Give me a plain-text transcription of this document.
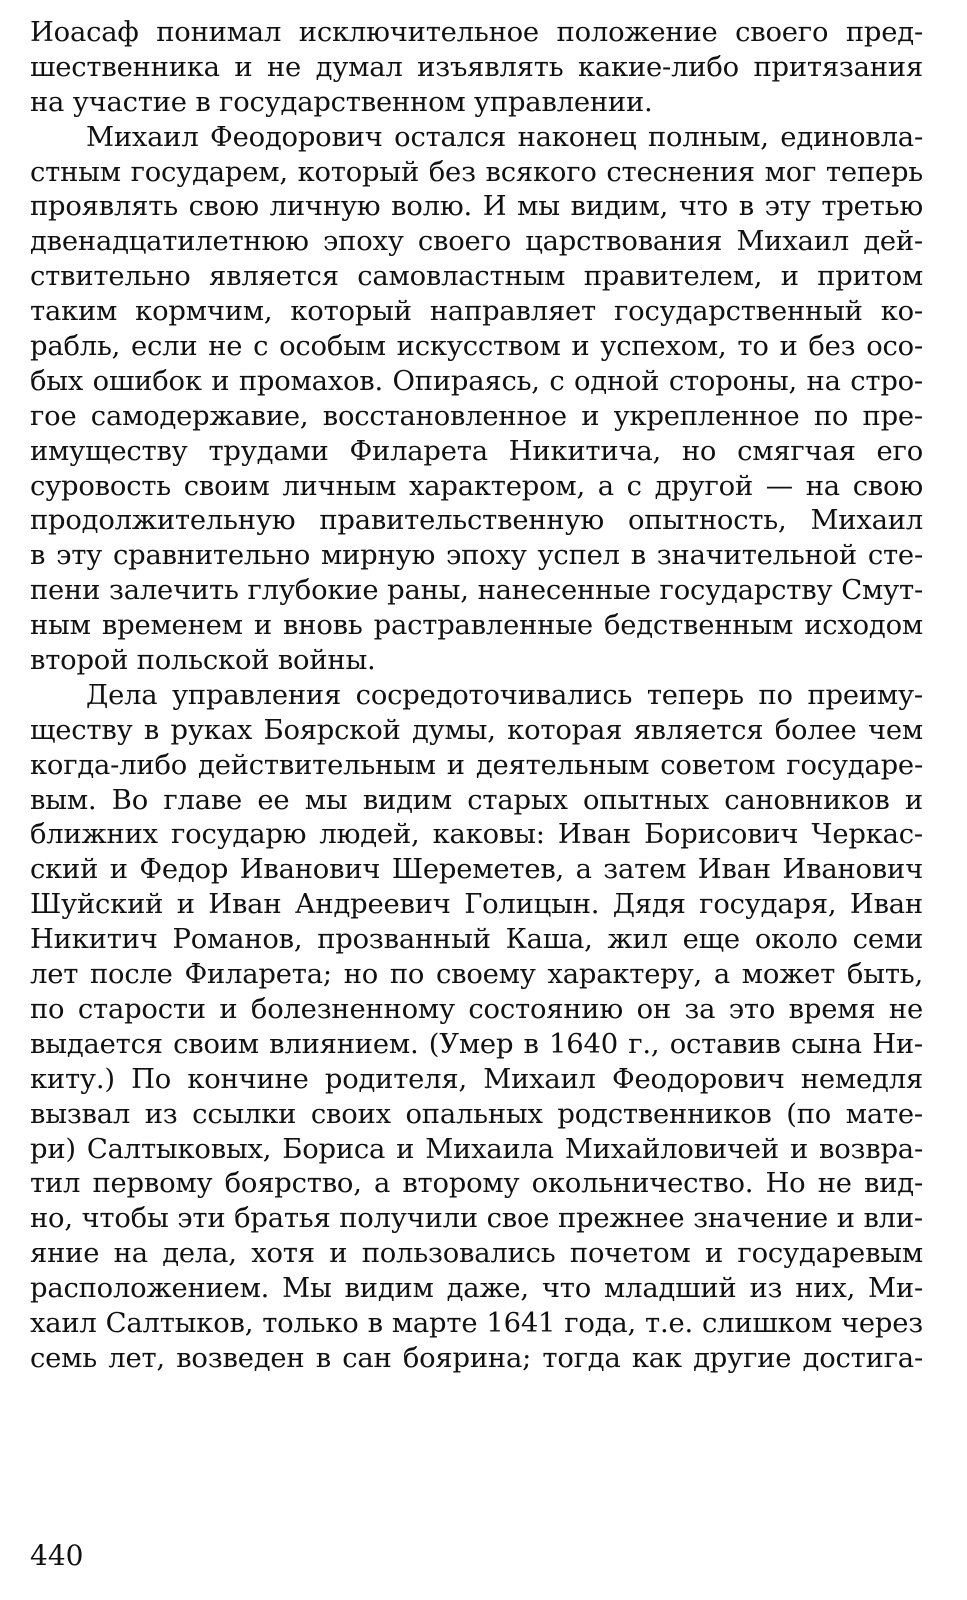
Иоасаф понимал исключительное положение своего пред-
шественника и не думал изъявлять какие-либо притязания
на участие в государственном управлении.
Михаил Феодорович остался наконец полным, единовла-
стным государем, который без всякого стеснения мог теперь
проявлять свою личную волю. И мы видим, что в эту третью
двенадцатилетнюю эпоху своего царствования Михаил дей-
ствительно является самовластным правителем, и притом
таким кормчим, который направляет государственный ко-
рабль, если не с особым искусством и успехом, то и без осо-
бых ошибок и промахов. Опираясь, с одной стороны, на стро-
гое самодержавие, восстановленное и укрепленное по пре-
имуществу трудами Филарета Никитича, но смягчая его
суровость своим личным характером, а с другой — на свою
продолжительную правительственную опытность, Михаил
в эту сравнительно мирную эпоху успел в значительной сте-
пени залечить глубокие раны, нанесенные государству Смут-
ным временем и вновь растравленные бедственным исходом
второй польской войны.
Дела управления сосредоточивались теперь по преиму-
ществу в руках Боярской думы, которая является более чем
когда-либо действительным и деятельным советом государе-
вым. Во главе ее мы видим старых опытных сановников и
ближних государю людей, каковы: Иван Борисович Черкас-
ский и Федор Иванович Шереметев, а затем Иван Иванович
Шуйский и Иван Андреевич Голицын. Дядя государя, Иван
Никитич Романов, прозванный Каша, жил еще около семи
лет после Филарета; но по своему характеру, а может быть,
по старости и болезненному состоянию он за это время не
выдается своим влиянием. (Умер в 1640 г., оставив сына Ни-
киту.) По кончине родителя, Михаил Феодорович немедля
вызвал из ссылки своих опальных родственников (по мате-
ри) Салтыковых, Бориса и Михаила Михайловичей и возвра-
тил первому боярство, а второму окольничество. Но не вид-
но, чтобы эти братья получили свое прежнее значение и вли-
яние на дела, хотя и пользовались почетом и государевым
расположением. Мы видим даже, что младший из них, Ми-
хаил Салтыков, только в марте 1641 года, т.е. слишком через
семь лет, возведен в сан боярина; тогда как другие достига-
440
